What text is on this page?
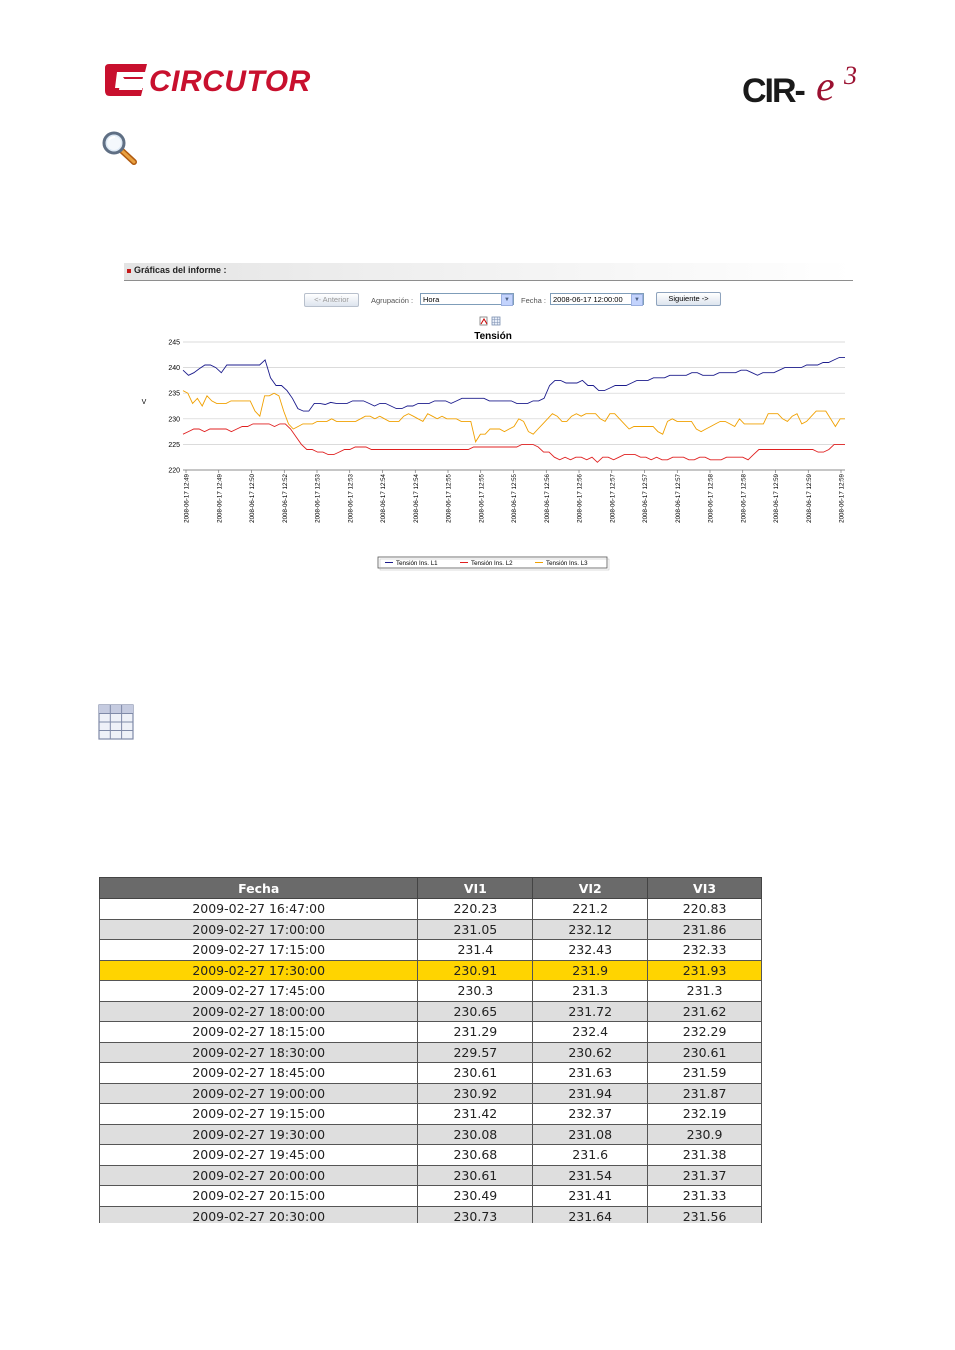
CIRCUTOR	CIR- e 3
Gráficas del informe :
<- Anterior	Agrupación :	Hora	▼	Fecha : 2008-06-17 12:00:00	▼	Siguiente ->
Tensión
V
220
225
230
235
240
245
2008-06-17 12:49	2008-06-17 12:49	2008-06-17 12:50	2008-06-17 12:52	2008-06-17 12:53	2008-06-17 12:53	2008-06-17 12:54	2008-06-17 12:54	2008-06-17 12:55	2008-06-17 12:55	2008-06-17 12:55	2008-06-17 12:56	2008-06-17 12:56	2008-06-17 12:57	2008-06-17 12:57	2008-06-17 12:57	2008-06-17 12:58	2008-06-17 12:58	2008-06-17 12:59	2008-06-17 12:59	2008-06-17 12:59
Tensión Ins. L1	Tensión Ins. L2	Tensión Ins. L3
Fecha	VI1	VI2	VI3
2009-02-27 16:47:00	220.23	221.2	220.83
2009-02-27 17:00:00	231.05	232.12	231.86
2009-02-27 17:15:00	231.4	232.43	232.33
2009-02-27 17:30:00	230.91	231.9	231.93
2009-02-27 17:45:00	230.3	231.3	231.3
2009-02-27 18:00:00	230.65	231.72	231.62
2009-02-27 18:15:00	231.29	232.4	232.29
2009-02-27 18:30:00	229.57	230.62	230.61
2009-02-27 18:45:00	230.61	231.63	231.59
2009-02-27 19:00:00	230.92	231.94	231.87
2009-02-27 19:15:00	231.42	232.37	232.19
2009-02-27 19:30:00	230.08	231.08	230.9
2009-02-27 19:45:00	230.68	231.6	231.38
2009-02-27 20:00:00	230.61	231.54	231.37
2009-02-27 20:15:00	230.49	231.41	231.33
2009-02-27 20:30:00	230.73	231.64	231.56
